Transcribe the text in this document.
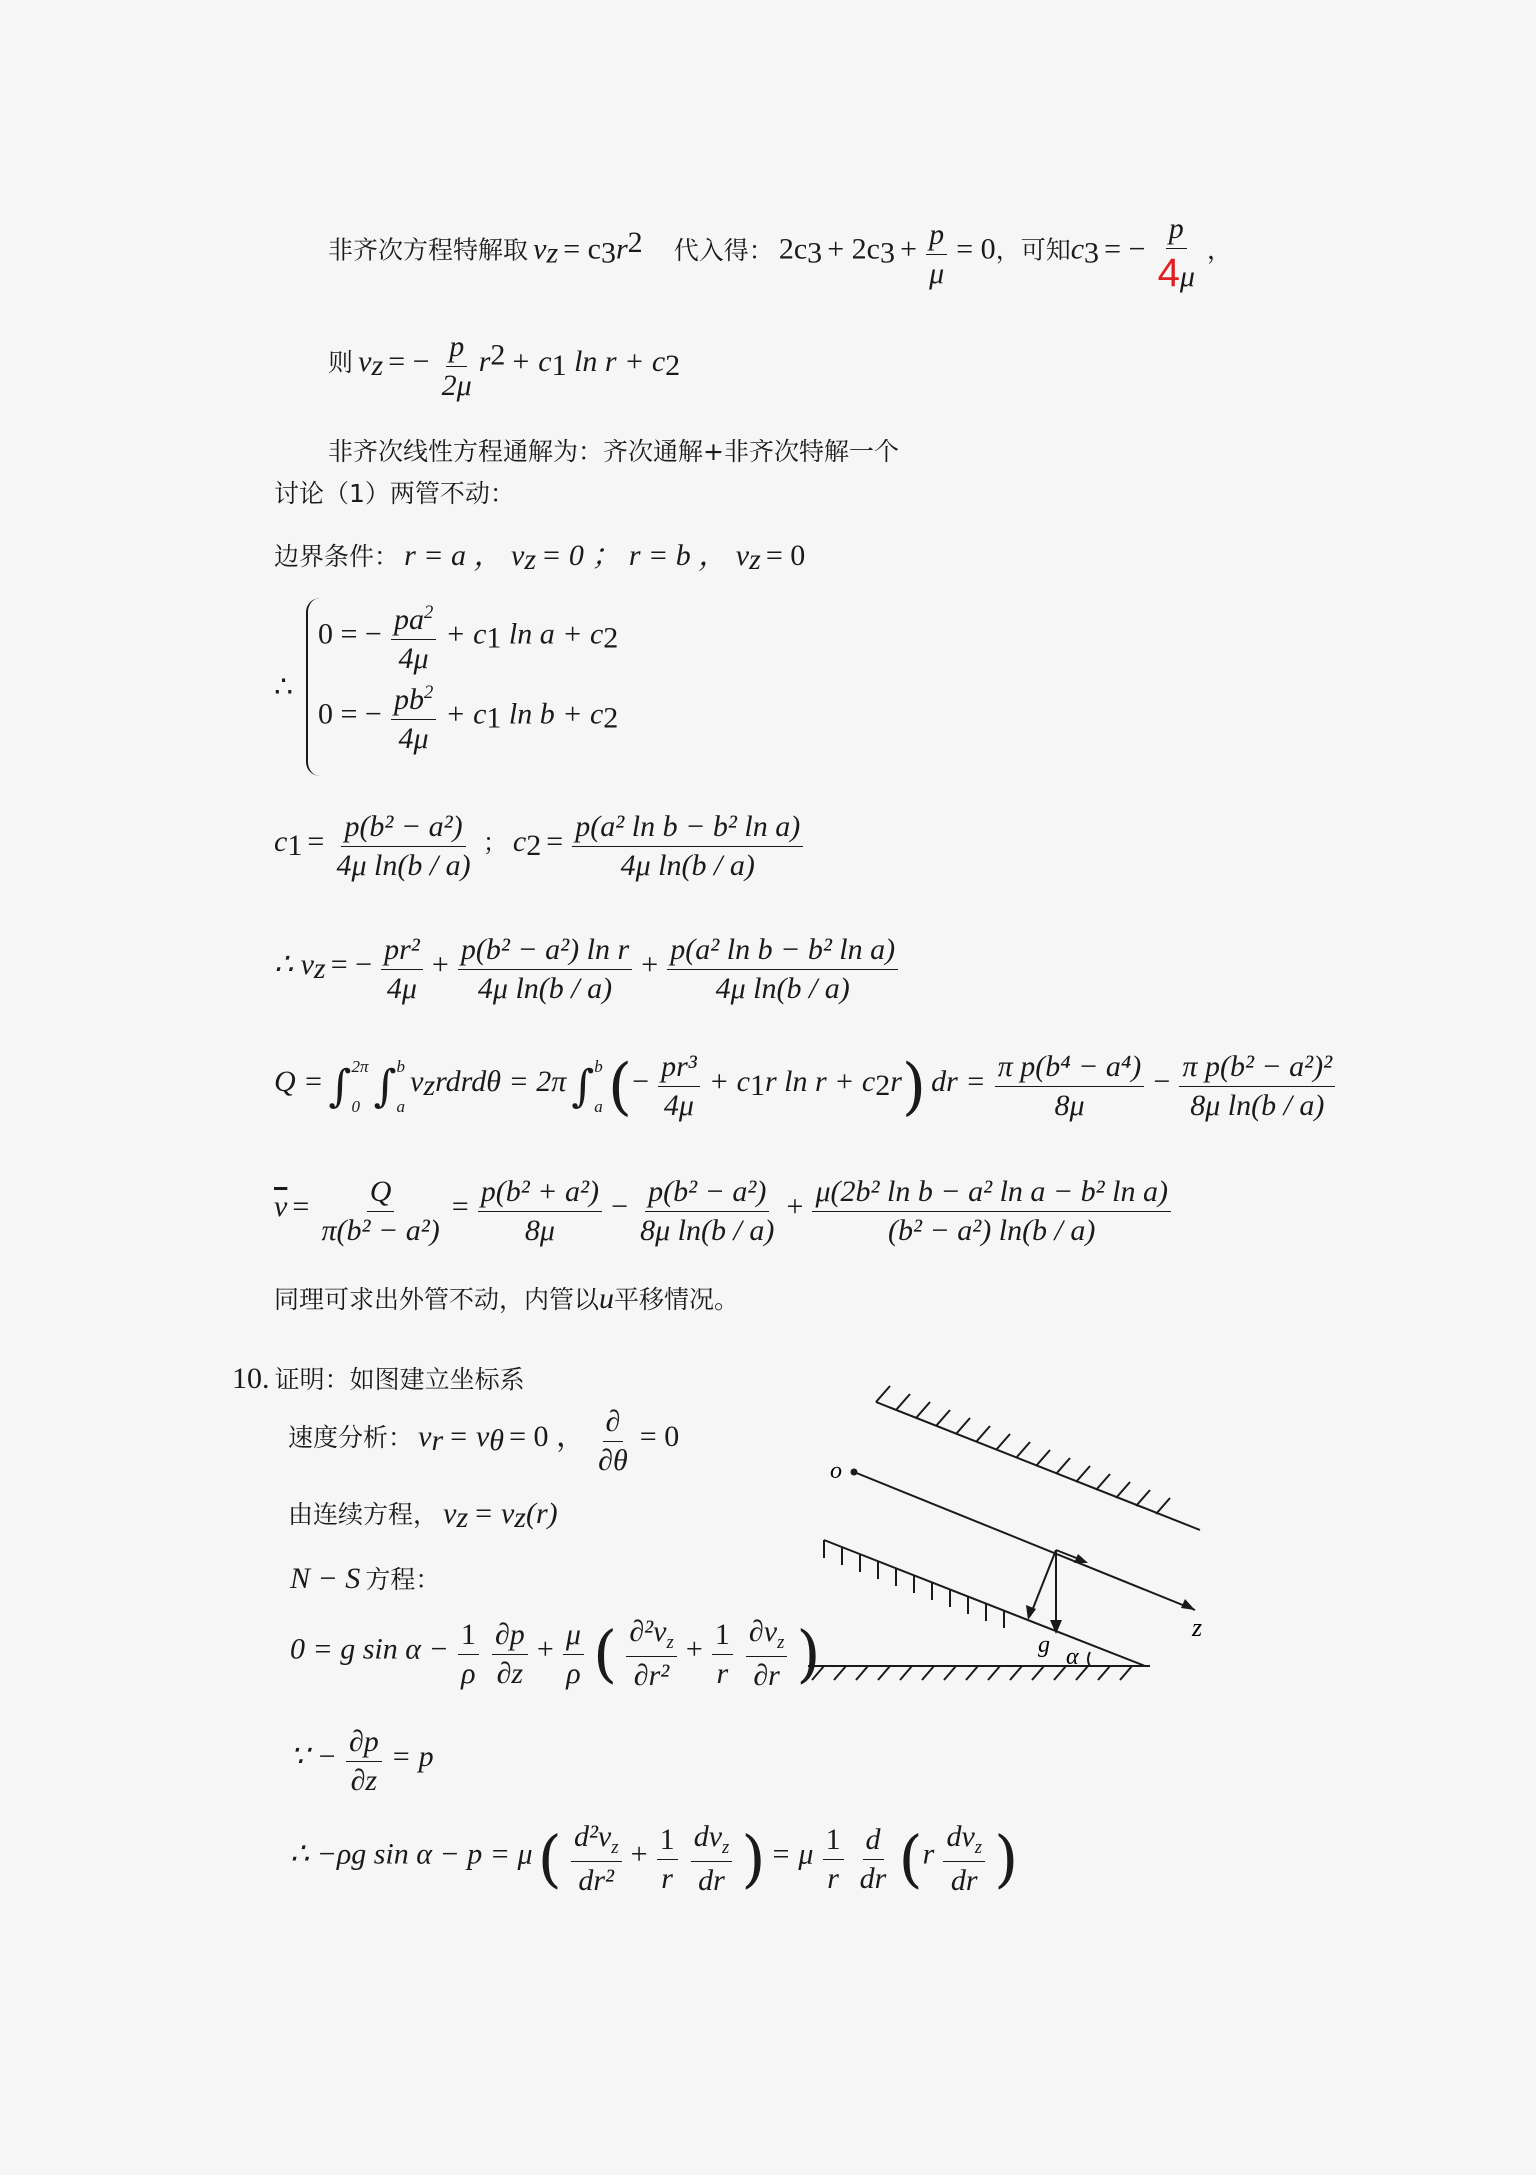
非齐次方程特解取 $v_z = c_3r^2$ 代入得： $2c_3 + 2c_3 + \frac{p}{\mu} = 0$，可知$c_3$ = − $\frac{p}{4\mu}$ ，
则 $v_z$ = − $\frac{p}{2\mu} r^2 + c_1$ $\ln r + c_2$
非齐次线性方程通解为：齐次通解+非齐次特解一个
讨论（1）两管不动：
边界条件： r = a ， $v_z = 0$ ； r = b ， $v_z = 0$
∴
0 = − $\frac{pa^2}{4\mu} + c_1$ $\ln a + c_2$
0 = − $\frac{pb^2}{4\mu} + c_1$ $\ln b + c_2$
$c_1 = \frac{\text{p(b² − a²)}}{\text{4μ ln(b / a)}}$ ； $c_2 = \frac{\text{p(a² ln b − b² ln a)}}{\text{4μ ln(b / a)}}$
∴ $v_z$ = − $\frac{\text{pr²}}{4\mu} + \frac{\text{p(b² − a²) ln r}}{\text{4μ ln(b / a)}} + \frac{\text{p(a² ln b − b² ln a)}}{\text{4μ ln(b / a)}}$
Q = ∫ 2π
0 ∫ b
a
$v_zrdrd\theta = 2\pi$ ∫ b
a (− $\frac{\text{pr³}}{4\mu} + c_1r$ $\ln r + c_2r$) dr = $\frac{\text{π p(b⁴ − a⁴)}}{8\mu} - \frac{\text{π p(b² − a²)²}}{\text{8μ ln(b / a)}}$
$\overline{v} = \frac{Q}{\text{π(b² − a²)}} = \frac{\text{p(b² + a²)}}{8\mu} - \frac{\text{p(b² − a²)}}{\text{8μ ln(b / a)}} + \frac{\text{μ(2b² ln b − a² ln a − b² ln a)}}{\text{(b² − a²) ln(b / a)}}$
同理可求出外管不动，内管以u平移情况。
10. 证明：如图建立坐标系
速度分析： $v_r = v_\theta = 0$ ， $\frac{\partial}{\partial\theta} = 0$
由连续方程， $v_z = v_z(r)$
N − S 方程：
0 = g $\sin \alpha - \frac{1}{\rho}$
$\frac{\partial p}{\partial z} + \frac{\mu}{\rho}$ ( $\frac{\partial^2v_z}{\text{∂r²}} + \frac{1}{r}$
$\frac{\partial v_z}{\partial r}$ )
∵ − $\frac{\partial p}{\partial z} = p$
∴ −ρg sin α − p = μ ( $\frac{d^2v_z}{\text{dr²}} + \frac{1}{r}$
$\frac{dv_z}{dr}$ ) = μ $\frac{1}{r}$
$\frac{d}{dr} (r \frac{dv_z}{dr}$ )
o
z
g α
